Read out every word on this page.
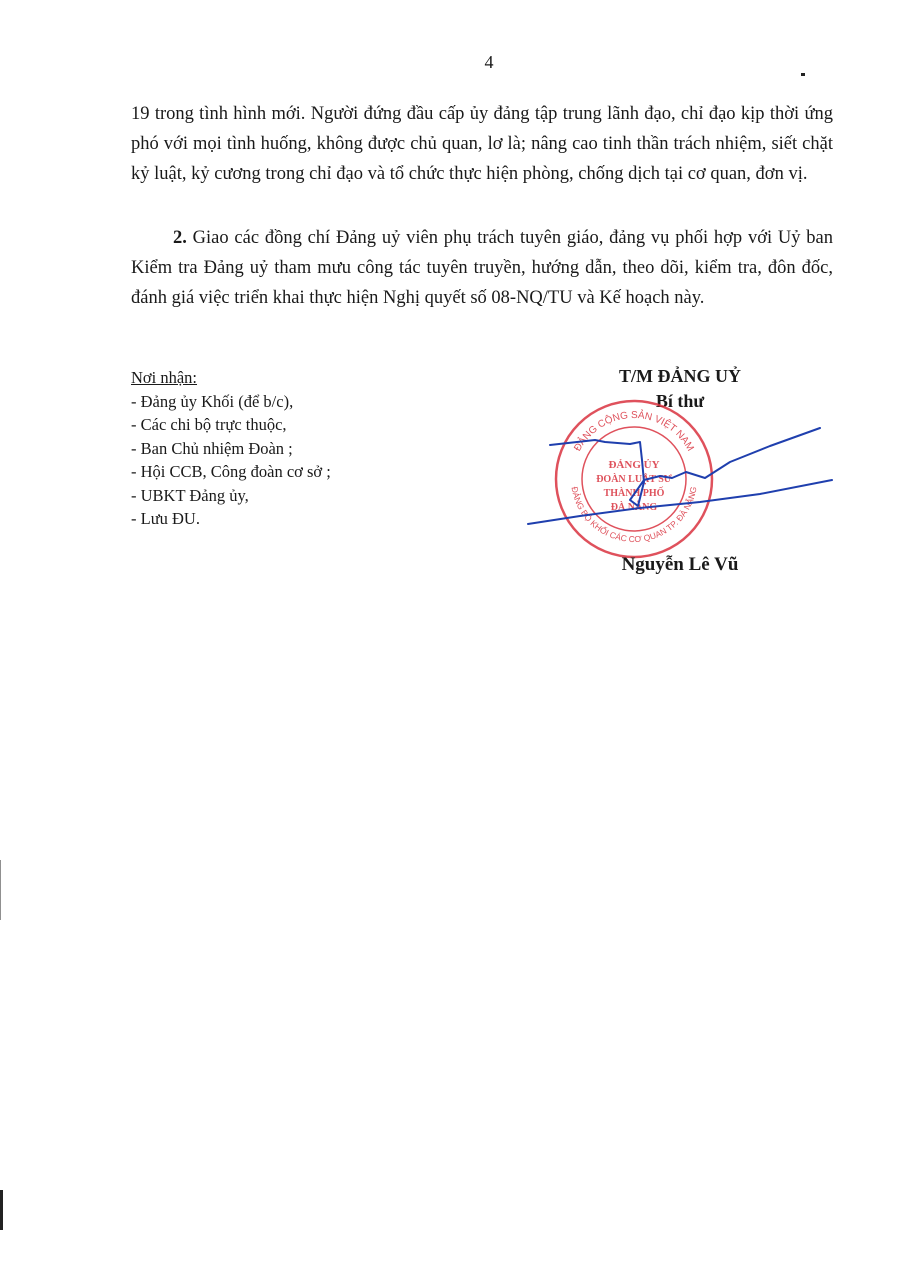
4
19 trong tình hình mới. Người đứng đầu cấp ủy đảng tập trung lãnh đạo, chỉ đạo kịp thời ứng phó với mọi tình huống, không được chủ quan, lơ là; nâng cao tinh thần trách nhiệm, siết chặt kỷ luật, kỷ cương trong chỉ đạo và tổ chức thực hiện phòng, chống dịch tại cơ quan, đơn vị.
2. Giao các đồng chí Đảng uỷ viên phụ trách tuyên giáo, đảng vụ phối hợp với Uỷ ban Kiểm tra Đảng uỷ tham mưu công tác tuyên truyền, hướng dẫn, theo dõi, kiểm tra, đôn đốc, đánh giá việc triển khai thực hiện Nghị quyết số 08-NQ/TU và Kế hoạch này.
Nơi nhận:
- Đảng ủy Khối (để b/c),
- Các chi bộ trực thuộc,
- Ban Chủ nhiệm Đoàn ;
- Hội CCB, Công đoàn cơ sở ;
- UBKT Đảng ủy,
- Lưu ĐU.
T/M ĐẢNG UỶ
Bí thư
ĐẢNG CỘNG SẢN VIỆT NAM
ĐẢNG BỘ KHỐI CÁC CƠ QUAN TP. ĐÀ NẴNG
ĐẢNG ỦY
ĐOÀN LUẬT SƯ
THÀNH PHỐ
ĐÀ NẴNG
Nguyễn Lê Vũ
